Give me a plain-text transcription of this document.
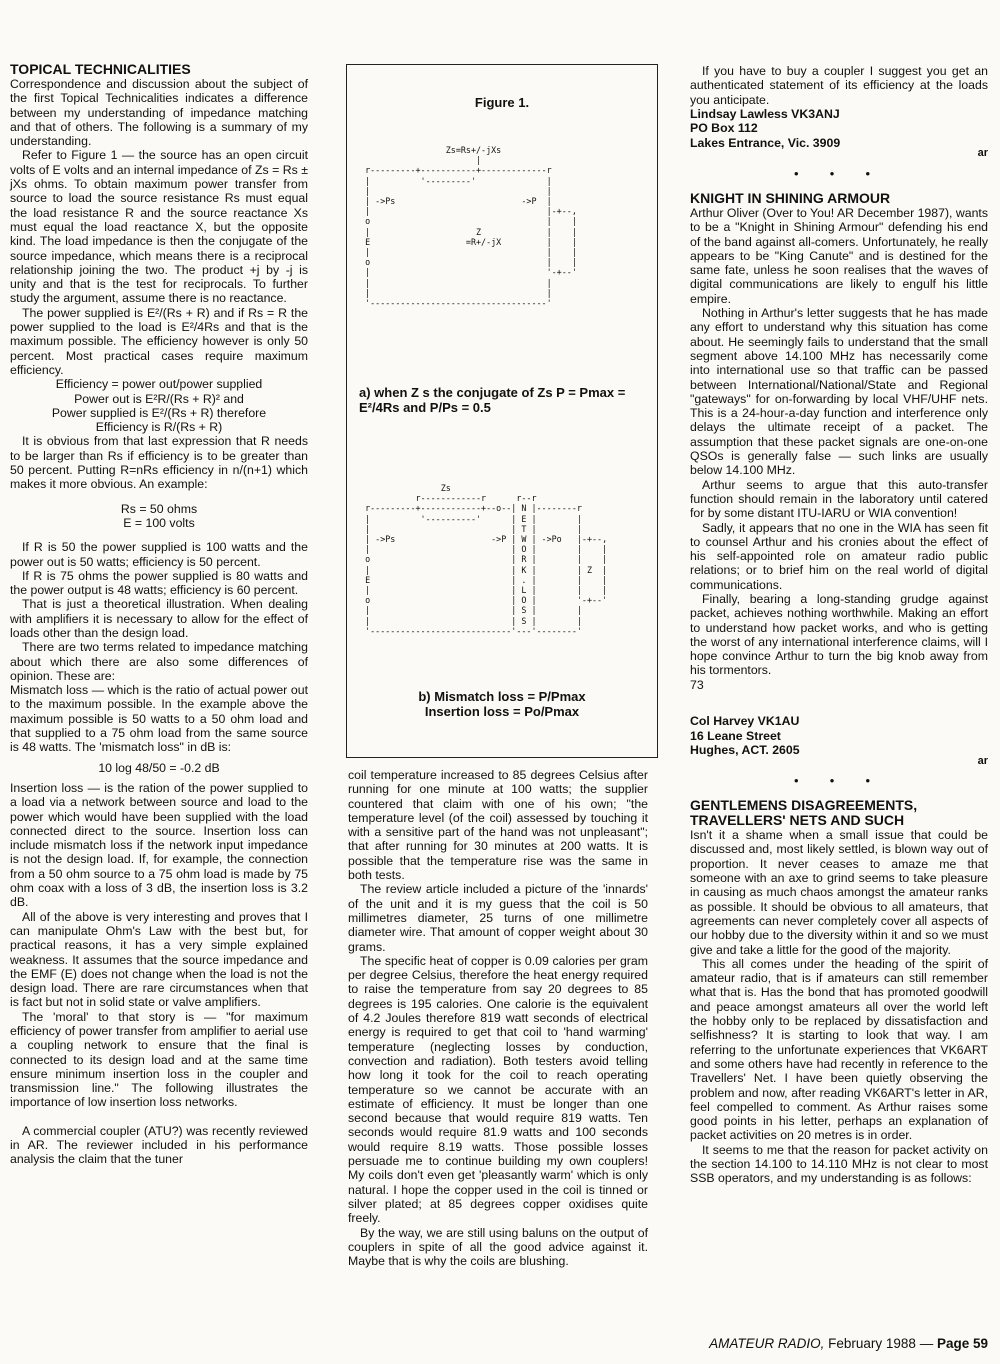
TOPICAL TECHNICALITIES

Correspondence and discussion about the subject of the first Topical Technicalities indicates a difference between my understanding of impedance matching and that of others. The following is a summary of my understanding.

Refer to Figure 1 — the source has an open circuit volts of E volts and an internal impedance of Zs = Rs ± jXs ohms. To obtain maximum power transfer from source to load the source resistance Rs must equal the load resistance R and the source reactance Xs must equal the load reactance X, but the opposite kind. The load impedance is then the conjugate of the source impedance, which means there is a reciprocal relationship joining the two. The product +j by -j is unity and that is the test for reciprocals. To further study the argument, assume there is no reactance.

The power supplied is E²/(Rs + R) and if Rs = R the power supplied to the load is E²/4Rs and that is the maximum possible. The efficiency however is only 50 percent. Most practical cases require maximum efficiency.

Efficiency = power out/power supplied

Power out is E²R/(Rs + R)² and

Power supplied is E²/(Rs + R) therefore

Efficiency is R/(Rs + R)

It is obvious from that last expression that R needs to be larger than Rs if efficiency is to be greater than 50 percent. Putting R=nRs efficiency in n/(n+1) which makes it more obvious. An example:

Rs = 50 ohms

E = 100 volts

If R is 50 the power supplied is 100 watts and the power out is 50 watts; efficiency is 50 percent.

If R is 75 ohms the power supplied is 80 watts and the power output is 48 watts; efficiency is 60 percent.

That is just a theoretical illustration. When dealing with amplifiers it is necessary to allow for the effect of loads other than the design load.

There are two terms related to impedance matching about which there are also some differences of opinion. These are:

Mismatch loss — which is the ratio of actual power out to the maximum possible. In the example above the maximum possible is 50 watts to a 50 ohm load and that supplied to a 75 ohm load from the same source is 48 watts. The 'mismatch loss" in dB is:

10 log 48/50 = -0.2 dB

Insertion loss — is the ration of the power supplied to a load via a network between source and load to the power which would have been supplied with the load connected direct to the source. Insertion loss can include mismatch loss if the network input impedance is not the design load. If, for example, the connection from a 50 ohm source to a 75 ohm load is made by 75 ohm coax with a loss of 3 dB, the insertion loss is 3.2 dB.

All of the above is very interesting and proves that I can manipulate Ohm's Law with the best but, for practical reasons, it has a very simple explained weakness. It assumes that the source impedance and the EMF (E) does not change when the load is not the design load. There are rare circumstances when that is fact but not in solid state or valve amplifiers.

The 'moral' to that story is — "for maximum efficiency of power transfer from amplifier to aerial use a coupling network to ensure that the final is connected to its design load and at the same time ensure minimum insertion loss in the coupler and transmission line." The following illustrates the importance of low insertion loss networks.

A commercial coupler (ATU?) was recently reviewed in AR. The reviewer included in his performance analysis the claim that the tuner

Figure 1.
Zs=Rs+/-jXs
|
r---------+-----------+-------------r
|          '---------'              |
|                                   |
| ->Ps                         ->P  |
|                                   |-+--,
o                                   |    |
|                     Z             |    |
E                   =R+/-jX         |    |
|                                   |    |
o                                   |    |
|                                   '-+--'
|                                   |
|                                   |
'-----------------------------------'
a) when Z s the conjugate of Zs P = Pmax = E²/4Rs and P/Ps = 0.5
Zs
r------------r      r--r
r---------+------------+--o--| N |--------r
|          '----------'      | E |        |
|                            | T |        |
| ->Ps                   ->P | W | ->Po   |-+--,
|                            | O |        |    |
o                            | R |        |    |
|                            | K |        | Z  |
E                            | . |        |    |
|                            | L |        |    |
o                            | O |        '-+--'
|                            | S |        |
|                            | S |        |
'----------------------------'---'--------'
b) Mismatch loss = P/Pmax
Insertion loss = Po/Pmax

coil temperature increased to 85 degrees Celsius after running for one minute at 100 watts; the supplier countered that claim with one of his own; "the temperature level (of the coil) assessed by touching it with a sensitive part of the hand was not unpleasant"; that after running for 30 minutes at 200 watts. It is possible that the temperature rise was the same in both tests.

The review article included a picture of the 'innards' of the unit and it is my guess that the coil is 50 millimetres diameter, 25 turns of one millimetre diameter wire. That amount of copper weight about 30 grams.

The specific heat of copper is 0.09 calories per gram per degree Celsius, therefore the heat energy required to raise the temperature from say 20 degrees to 85 degrees is 195 calories. One calorie is the equivalent of 4.2 Joules therefore 819 watt seconds of electrical energy is required to get that coil to 'hand warming' temperature (neglecting losses by conduction, convection and radiation). Both testers avoid telling how long it took for the coil to reach operating temperature so we cannot be accurate with an estimate of efficiency. It must be longer than one second because that would require 819 watts. Ten seconds would require 81.9 watts and 100 seconds would require 8.19 watts. Those possible losses persuade me to continue building my own couplers! My coils don't even get 'pleasantly warm' which is only natural. I hope the copper used in the coil is tinned or silver plated; at 85 degrees copper oxidises quite freely.

By the way, we are still using baluns on the output of couplers in spite of all the good advice against it. Maybe that is why the coils are blushing.

If you have to buy a coupler I suggest you get an authenticated statement of its efficiency at the loads you anticipate.

Lindsay Lawless VK3ANJ
PO Box 112
Lakes Entrance, Vic. 3909
ar
• • •
KNIGHT IN SHINING ARMOUR

Arthur Oliver (Over to You! AR December 1987), wants to be a "Knight in Shining Armour" defending his end of the band against all-comers. Unfortunately, he really appears to be "King Canute" and is destined for the same fate, unless he soon realises that the waves of digital communications are likely to engulf his little empire.

Nothing in Arthur's letter suggests that he has made any effort to understand why this situation has come about. He seemingly fails to understand that the small segment above 14.100 MHz has necessarily come into international use so that traffic can be passed between International/National/State and Regional "gateways" for on-forwarding by local VHF/UHF nets. This is a 24-hour-a-day function and interference only delays the ultimate receipt of a packet. The assumption that these packet signals are one-on-one QSOs is generally false — such links are usually below 14.100 MHz.

Arthur seems to argue that this auto-transfer function should remain in the laboratory until catered for by some distant ITU-IARU or WIA convention!

Sadly, it appears that no one in the WIA has seen fit to counsel Arthur and his cronies about the effect of his self-appointed role on amateur radio public relations; or to brief him on the real world of digital communications.

Finally, bearing a long-standing grudge against packet, achieves nothing worthwhile. Making an effort to understand how packet works, and who is getting the worst of any international interference claims, will I hope convince Arthur to turn the big knob away from his tormentors.

73

Col Harvey VK1AU
16 Leane Street
Hughes, ACT. 2605
ar
• • •
GENTLEMENS DISAGREEMENTS,
TRAVELLERS' NETS AND SUCH

Isn't it a shame when a small issue that could be discussed and, most likely settled, is blown way out of proportion. It never ceases to amaze me that someone with an axe to grind seems to take pleasure in causing as much chaos amongst the amateur ranks as possible. It should be obvious to all amateurs, that agreements can never completely cover all aspects of our hobby due to the diversity within it and so we must give and take a little for the good of the majority.

This all comes under the heading of the spirit of amateur radio, that is if amateurs can still remember what that is. Has the bond that has promoted goodwill and peace amongst amateurs all over the world left the hobby only to be replaced by dissatisfaction and selfishness? It is starting to look that way. I am referring to the unfortunate experiences that VK6ART and some others have had recently in reference to the Travellers' Net. I have been quietly observing the problem and now, after reading VK6ART's letter in AR, feel compelled to comment. As Arthur raises some good points in his letter, perhaps an explanation of packet activities on 20 metres is in order.

It seems to me that the reason for packet activity on the section 14.100 to 14.110 MHz is not clear to most SSB operators, and my understanding is as follows:

AMATEUR RADIO, February 1988 — Page 59
